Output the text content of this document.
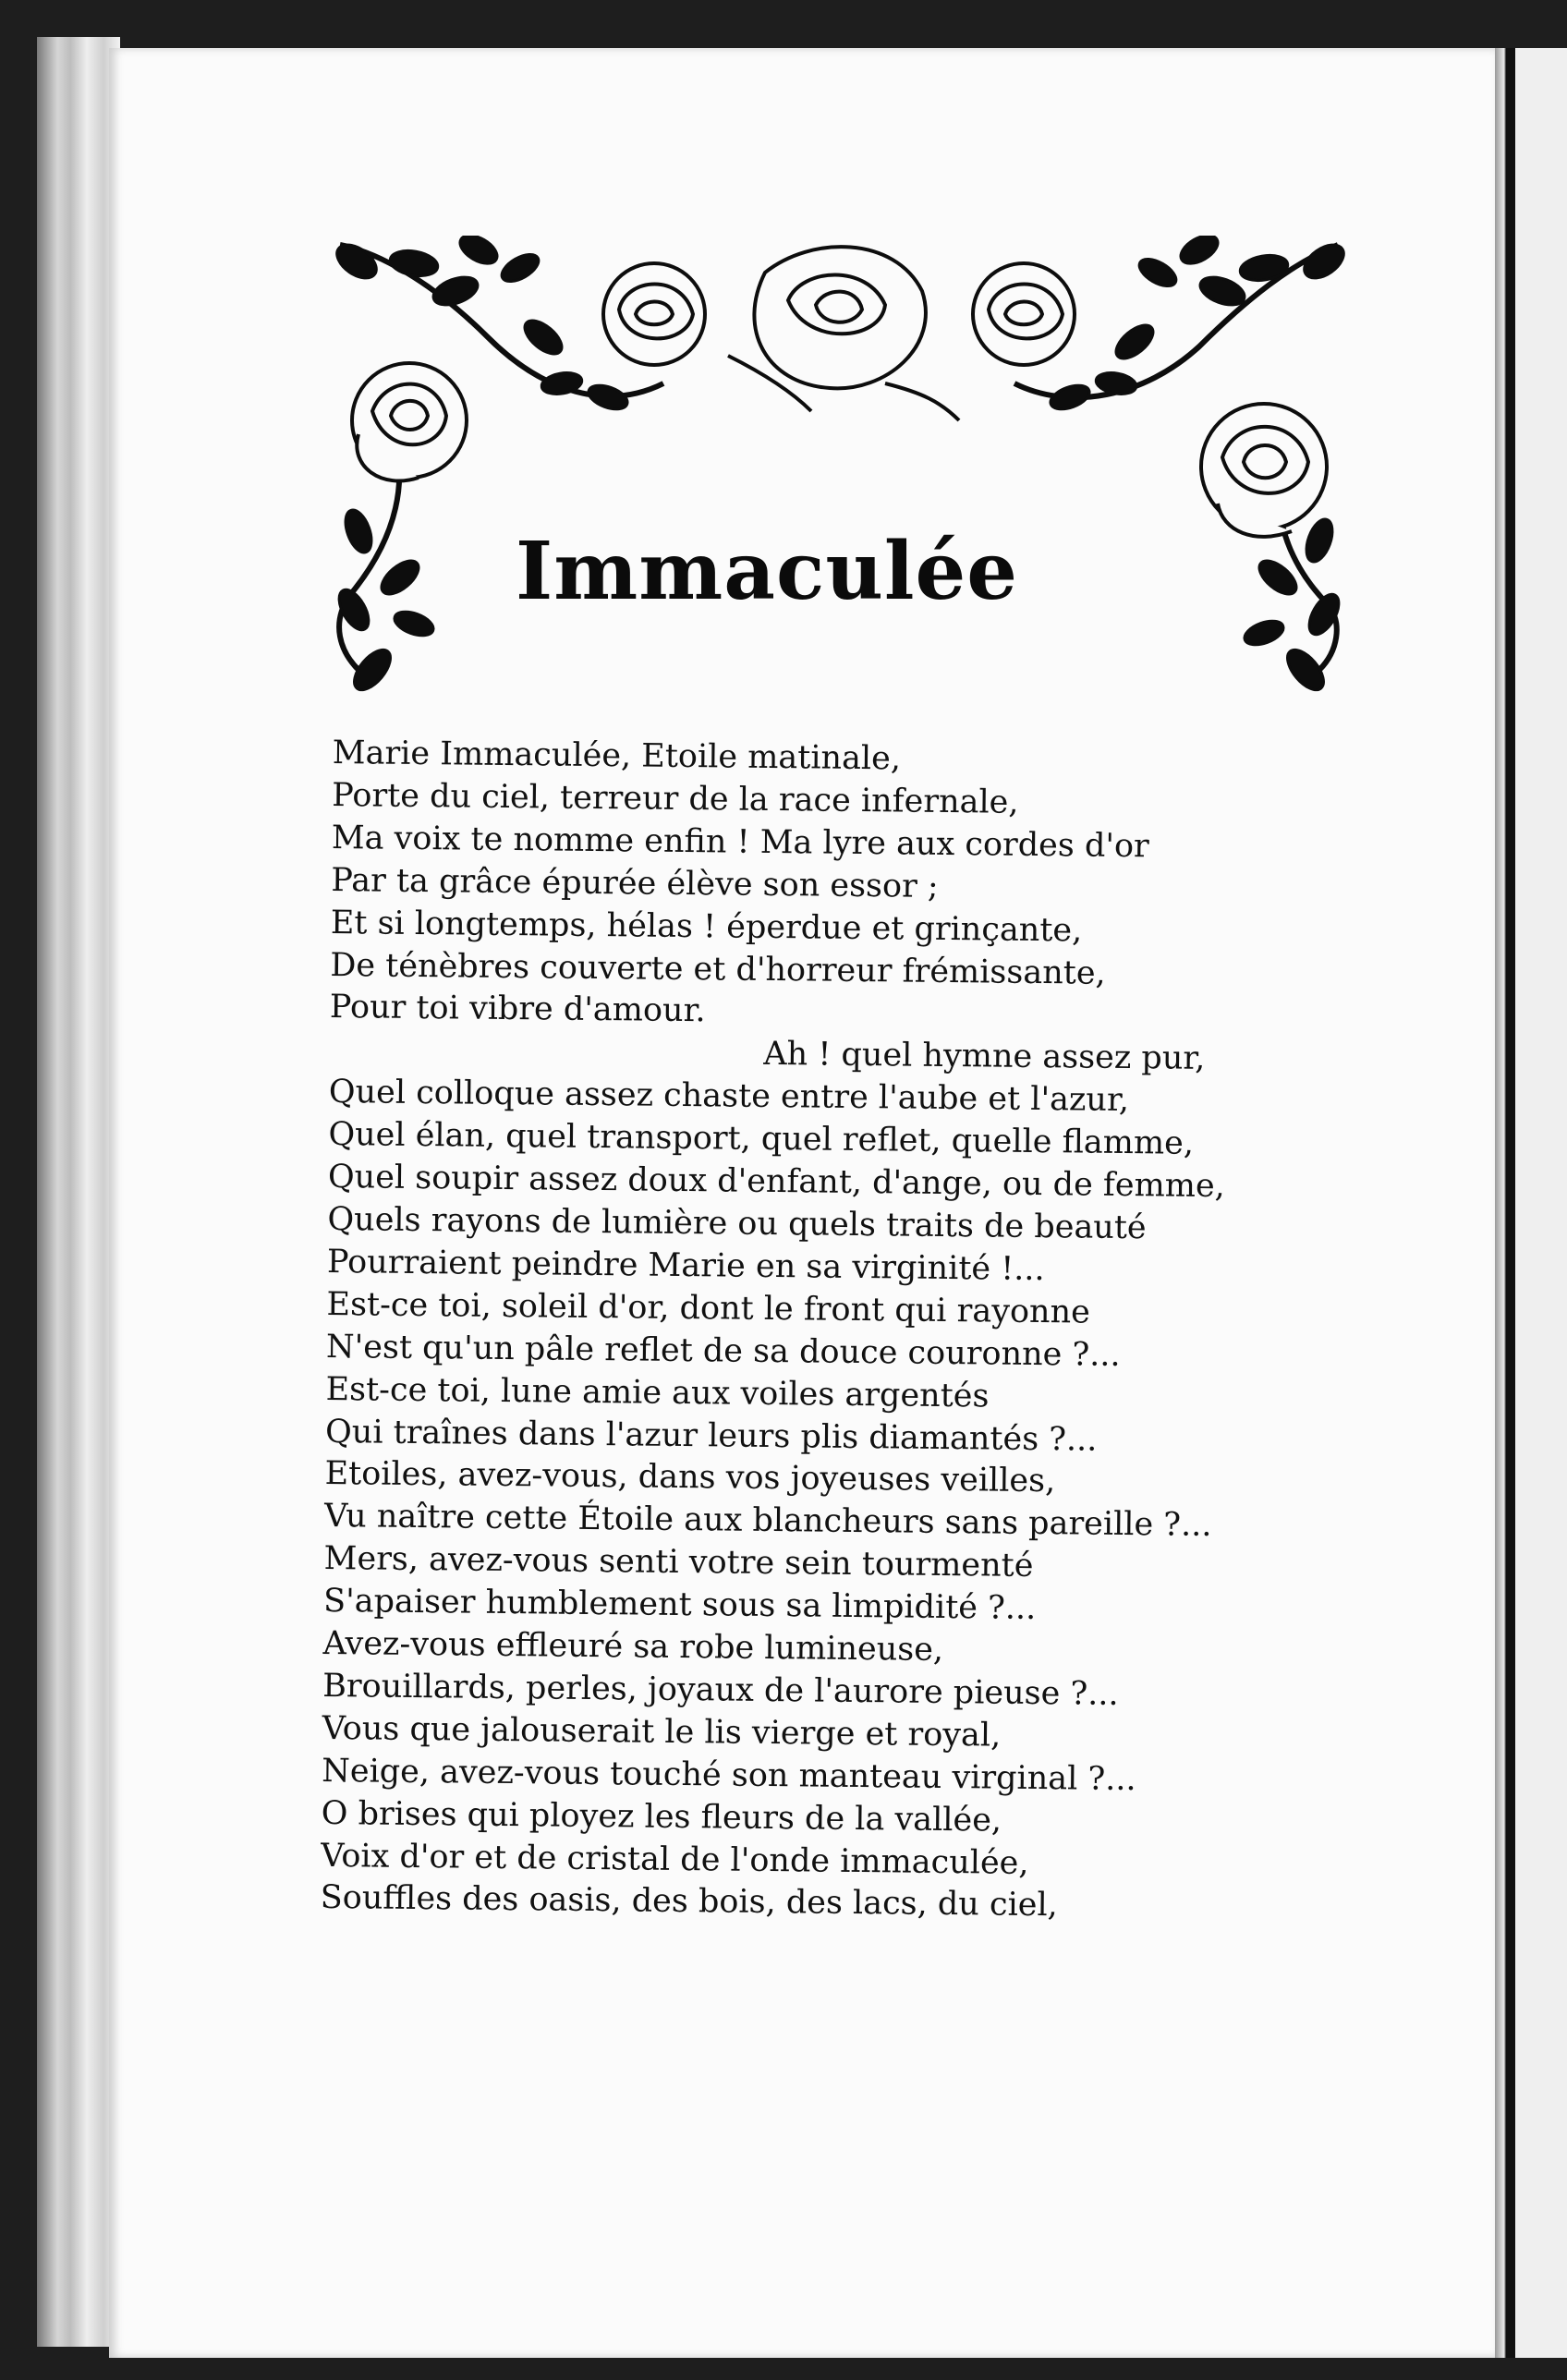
Immaculée
Marie Immaculée, Etoile matinale,
Porte du ciel, terreur de la race infernale,
Ma voix te nomme enfin ! Ma lyre aux cordes d'or
Par ta grâce épurée élève son essor ;
Et si longtemps, hélas ! éperdue et grinçante,
De ténèbres couverte et d'horreur frémissante,
Pour toi vibre d'amour.
Ah ! quel hymne assez pur,
Quel colloque assez chaste entre l'aube et l'azur,
Quel élan, quel transport, quel reflet, quelle flamme,
Quel soupir assez doux d'enfant, d'ange, ou de femme,
Quels rayons de lumière ou quels traits de beauté
Pourraient peindre Marie en sa virginité !...
Est-ce toi, soleil d'or, dont le front qui rayonne
N'est qu'un pâle reflet de sa douce couronne ?...
Est-ce toi, lune amie aux voiles argentés
Qui traînes dans l'azur leurs plis diamantés ?...
Etoiles, avez-vous, dans vos joyeuses veilles,
Vu naître cette Étoile aux blancheurs sans pareille ?...
Mers, avez-vous senti votre sein tourmenté
S'apaiser humblement sous sa limpidité ?...
Avez-vous effleuré sa robe lumineuse,
Brouillards, perles, joyaux de l'aurore pieuse ?...
Vous que jalouserait le lis vierge et royal,
Neige, avez-vous touché son manteau virginal ?...
O brises qui ployez les fleurs de la vallée,
Voix d'or et de cristal de l'onde immaculée,
Souffles des oasis, des bois, des lacs, du ciel,
